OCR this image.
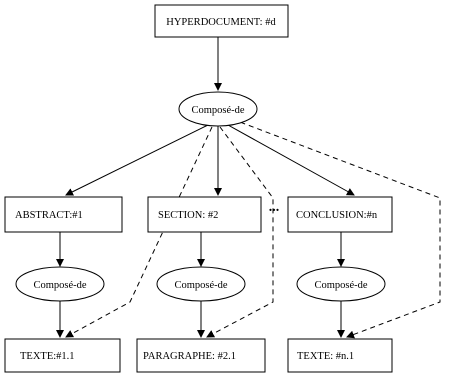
HYPERDOCUMENT: #d
Composé-de
ABSTRACT:#1	SECTION: #2
...
CONCLUSION:#n
Composé-de	Composé-de	Composé-de
TEXTE:#1.1	PARAGRAPHE: #2.1	TEXTE: #n.1
